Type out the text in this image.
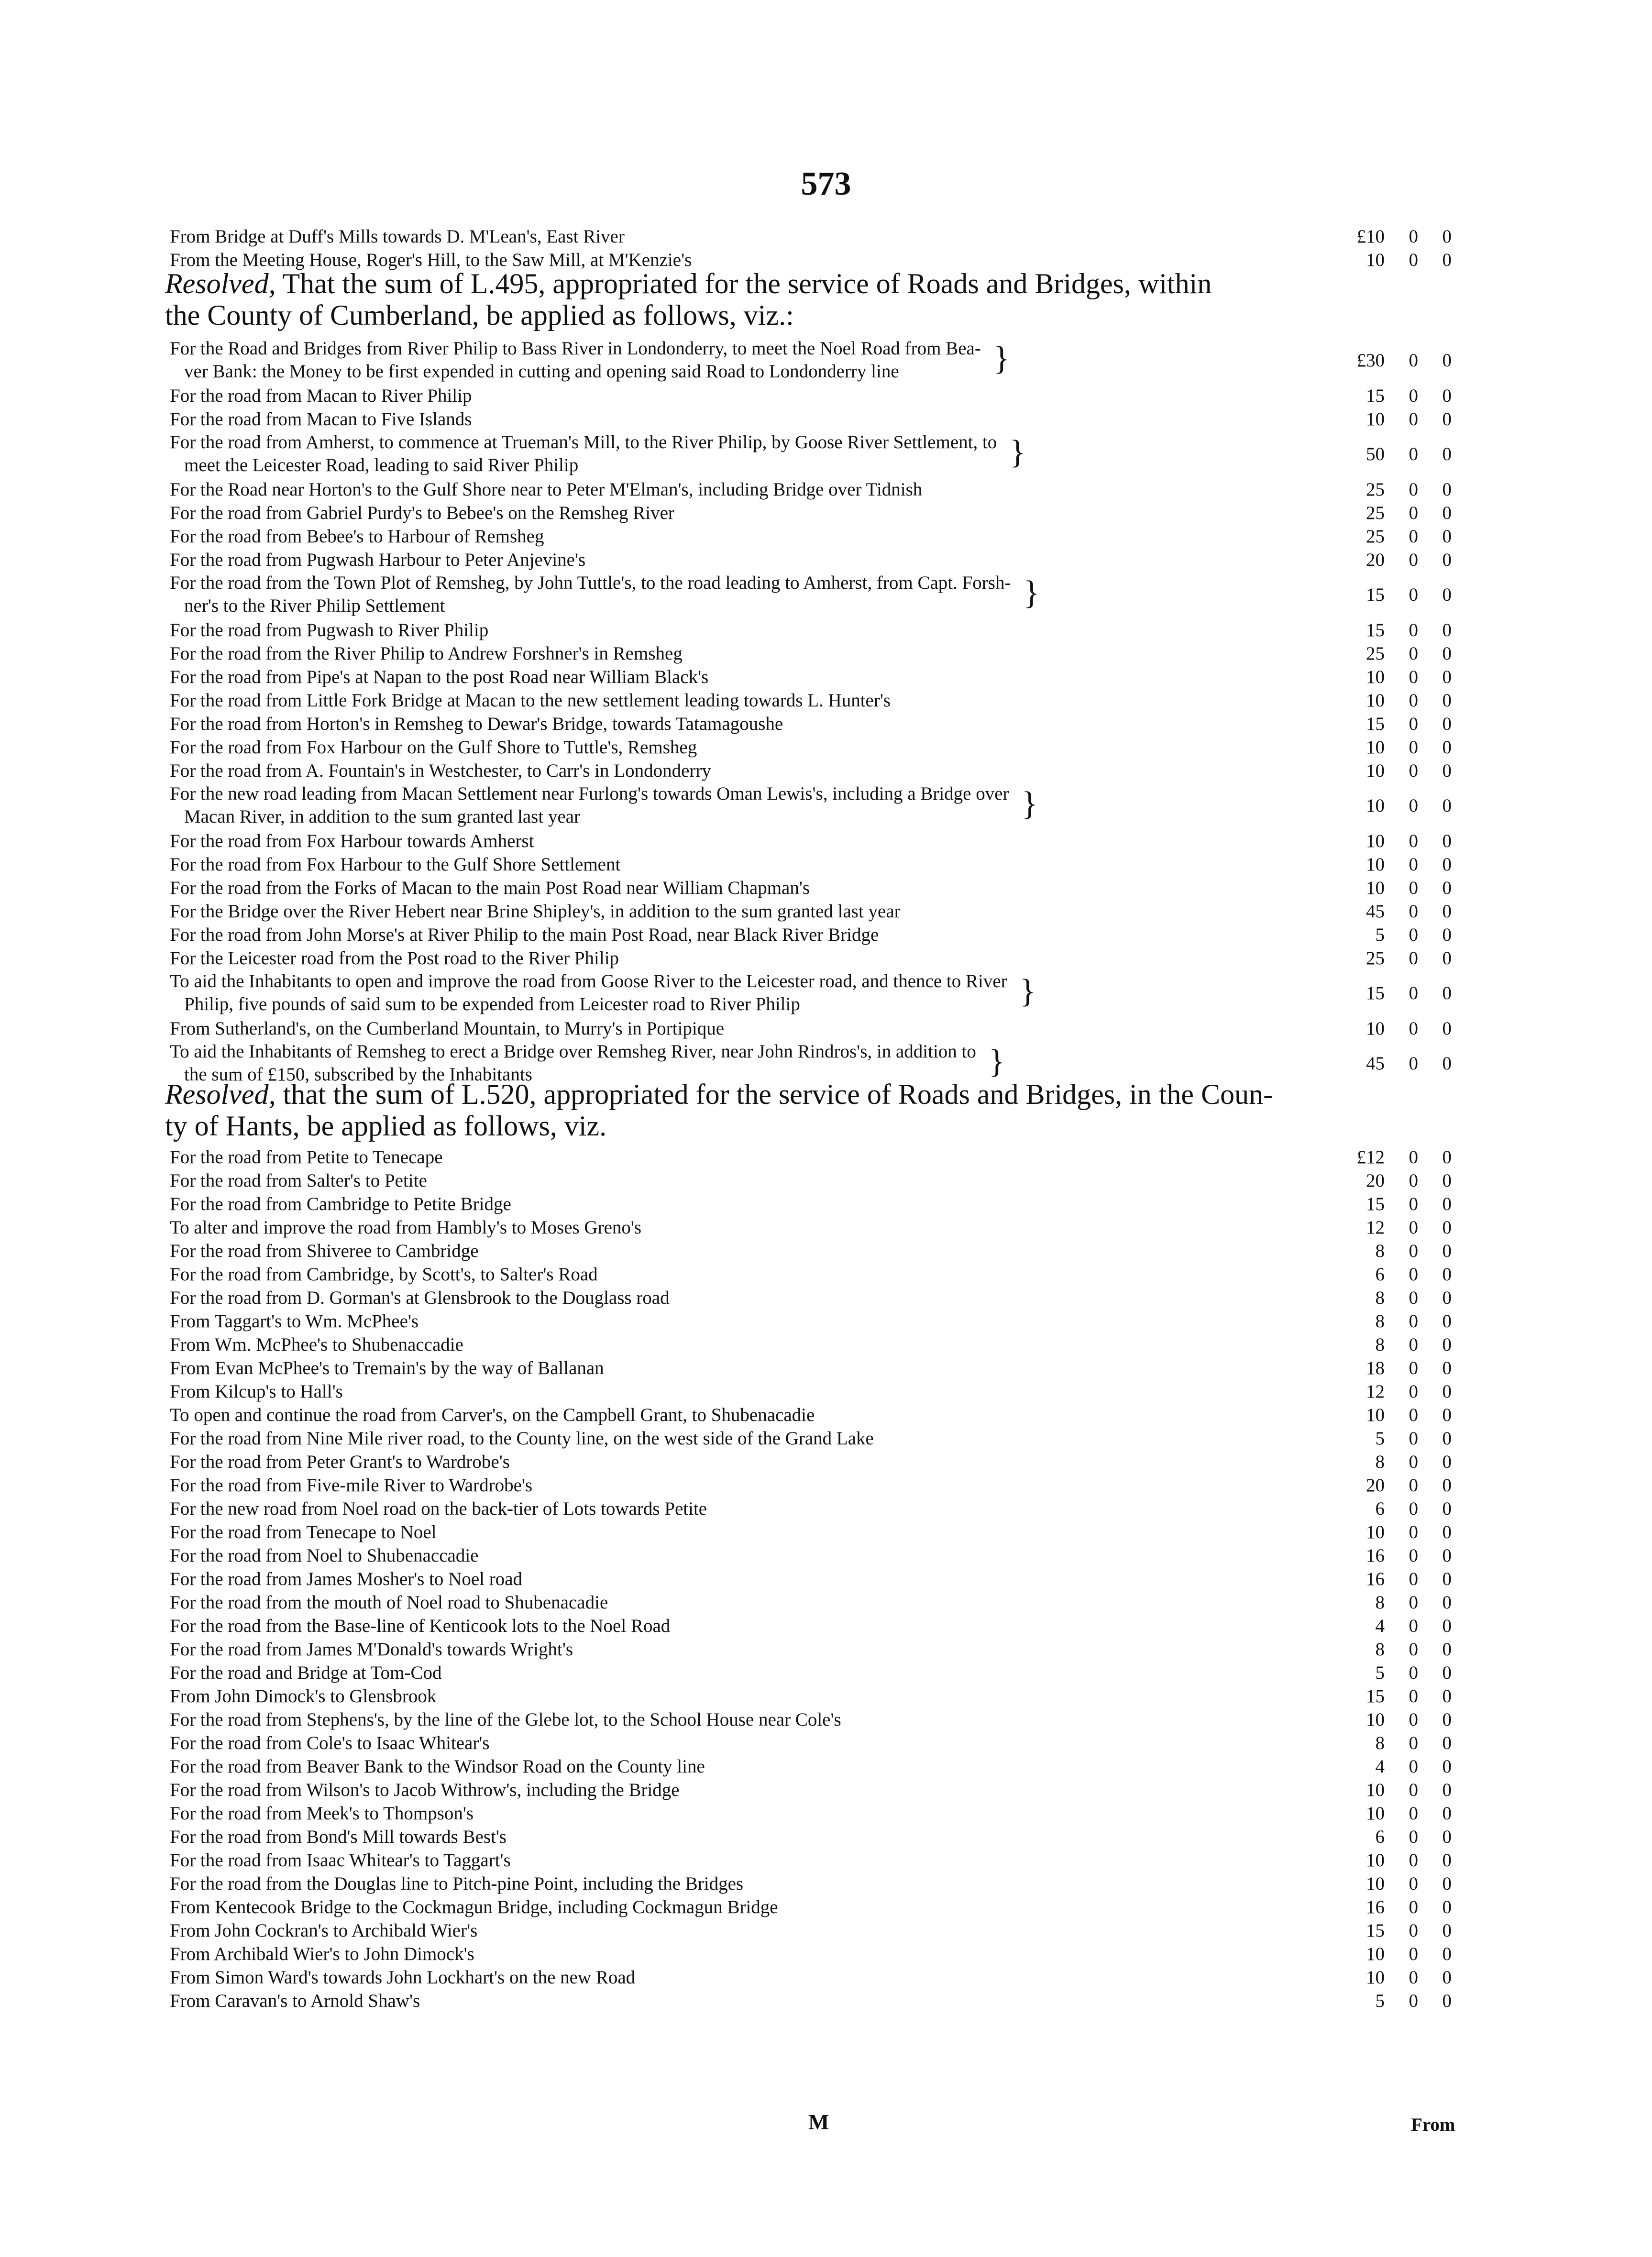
573
From Bridge at Duff's Mills towards D. M'Lean's, East River	£10	0	0
From the Meeting House, Roger's Hill, to the Saw Mill, at M'Kenzie's	10	0	0
Resolved, That the sum of L.495, appropriated for the service of Roads and Bridges, within
the County of Cumberland, be applied as follows, viz.:
For the Road and Bridges from River Philip to Bass River in Londonderry, to meet the Noel Road from Bea-
ver Bank: the Money to be first expended in cutting and opening said Road to Londonderry line
}
£30	0	0
For the road from Macan to River Philip	15	0	0
For the road from Macan to Five Islands	10	0	0
For the road from Amherst, to commence at Trueman's Mill, to the River Philip, by Goose River Settlement, to
meet the Leicester Road, leading to said River Philip
}
50	0	0
For the Road near Horton's to the Gulf Shore near to Peter M'Elman's, including Bridge over Tidnish	25	0	0
For the road from Gabriel Purdy's to Bebee's on the Remsheg River	25	0	0
For the road from Bebee's to Harbour of Remsheg	25	0	0
For the road from Pugwash Harbour to Peter Anjevine's	20	0	0
For the road from the Town Plot of Remsheg, by John Tuttle's, to the road leading to Amherst, from Capt. Forsh-
ner's to the River Philip Settlement
}
15	0	0
For the road from Pugwash to River Philip	15	0	0
For the road from the River Philip to Andrew Forshner's in Remsheg	25	0	0
For the road from Pipe's at Napan to the post Road near William Black's	10	0	0
For the road from Little Fork Bridge at Macan to the new settlement leading towards L. Hunter's	10	0	0
For the road from Horton's in Remsheg to Dewar's Bridge, towards Tatamagoushe	15	0	0
For the road from Fox Harbour on the Gulf Shore to Tuttle's, Remsheg	10	0	0
For the road from A. Fountain's in Westchester, to Carr's in Londonderry	10	0	0
For the new road leading from Macan Settlement near Furlong's towards Oman Lewis's, including a Bridge over
Macan River, in addition to the sum granted last year
}
10	0	0
For the road from Fox Harbour towards Amherst	10	0	0
For the road from Fox Harbour to the Gulf Shore Settlement	10	0	0
For the road from the Forks of Macan to the main Post Road near William Chapman's	10	0	0
For the Bridge over the River Hebert near Brine Shipley's, in addition to the sum granted last year	45	0	0
For the road from John Morse's at River Philip to the main Post Road, near Black River Bridge	5	0	0
For the Leicester road from the Post road to the River Philip	25	0	0
To aid the Inhabitants to open and improve the road from Goose River to the Leicester road, and thence to River
Philip, five pounds of said sum to be expended from Leicester road to River Philip
}
15	0	0
From Sutherland's, on the Cumberland Mountain, to Murry's in Portipique	10	0	0
To aid the Inhabitants of Remsheg to erect a Bridge over Remsheg River, near John Rindros's, in addition to
the sum of £150, subscribed by the Inhabitants
}
45	0	0
Resolved, that the sum of L.520, appropriated for the service of Roads and Bridges, in the Coun-
ty of Hants, be applied as follows, viz.
For the road from Petite to Tenecape	£12	0	0
For the road from Salter's to Petite	20	0	0
For the road from Cambridge to Petite Bridge	15	0	0
To alter and improve the road from Hambly's to Moses Greno's	12	0	0
For the road from Shiveree to Cambridge	8	0	0
For the road from Cambridge, by Scott's, to Salter's Road	6	0	0
For the road from D. Gorman's at Glensbrook to the Douglass road	8	0	0
From Taggart's to Wm. McPhee's	8	0	0
From Wm. McPhee's to Shubenaccadie	8	0	0
From Evan McPhee's to Tremain's by the way of Ballanan	18	0	0
From Kilcup's to Hall's	12	0	0
To open and continue the road from Carver's, on the Campbell Grant, to Shubenacadie	10	0	0
For the road from Nine Mile river road, to the County line, on the west side of the Grand Lake	5	0	0
For the road from Peter Grant's to Wardrobe's	8	0	0
For the road from Five-mile River to Wardrobe's	20	0	0
For the new road from Noel road on the back-tier of Lots towards Petite	6	0	0
For the road from Tenecape to Noel	10	0	0
For the road from Noel to Shubenaccadie	16	0	0
For the road from James Mosher's to Noel road	16	0	0
For the road from the mouth of Noel road to Shubenacadie	8	0	0
For the road from the Base-line of Kenticook lots to the Noel Road	4	0	0
For the road from James M'Donald's towards Wright's	8	0	0
For the road and Bridge at Tom-Cod	5	0	0
From John Dimock's to Glensbrook	15	0	0
For the road from Stephens's, by the line of the Glebe lot, to the School House near Cole's	10	0	0
For the road from Cole's to Isaac Whitear's	8	0	0
For the road from Beaver Bank to the Windsor Road on the County line	4	0	0
For the road from Wilson's to Jacob Withrow's, including the Bridge	10	0	0
For the road from Meek's to Thompson's	10	0	0
For the road from Bond's Mill towards Best's	6	0	0
For the road from Isaac Whitear's to Taggart's	10	0	0
For the road from the Douglas line to Pitch-pine Point, including the Bridges	10	0	0
From Kentecook Bridge to the Cockmagun Bridge, including Cockmagun Bridge	16	0	0
From John Cockran's to Archibald Wier's	15	0	0
From Archibald Wier's to John Dimock's	10	0	0
From Simon Ward's towards John Lockhart's on the new Road	10	0	0
From Caravan's to Arnold Shaw's	5	0	0
M	From
